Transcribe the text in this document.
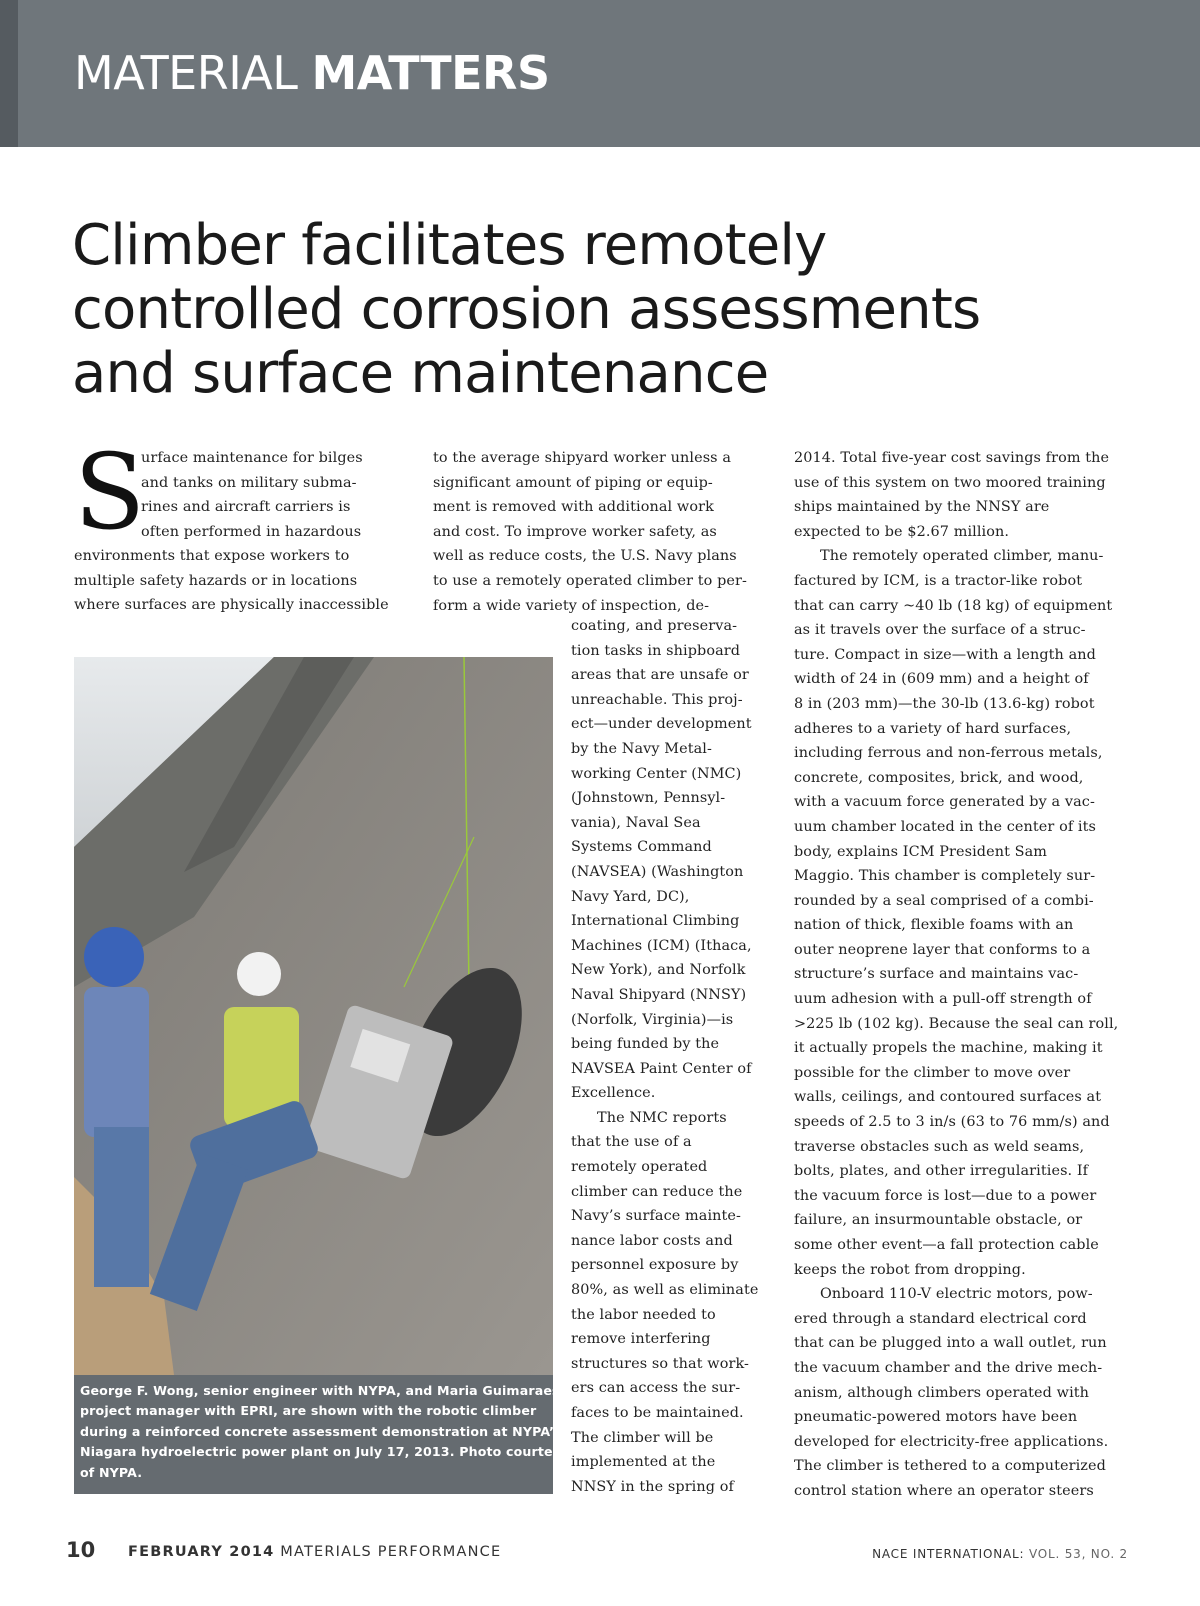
MATERIAL MATTERS
Climber facilitates remotely
controlled corrosion assessments
and surface maintenance
S
urface maintenance for bilges
and tanks on military subma-
rines and aircraft carriers is
often performed in hazardous
environments that expose workers to
multiple safety hazards or in locations
where surfaces are physically inaccessible
to the average shipyard worker unless a
significant amount of piping or equip-
ment is removed with additional work
and cost. To improve worker safety, as
well as reduce costs, the U.S. Navy plans
to use a remotely operated climber to per-
form a wide variety of inspection, de-
coating, and preserva-
tion tasks in shipboard
areas that are unsafe or
unreachable. This proj-
ect—under development
by the Navy Metal-
working Center (NMC)
(Johnstown, Pennsyl-
vania), Naval Sea
Systems Command
(NAVSEA) (Washington
Navy Yard, DC),
International Climbing
Machines (ICM) (Ithaca,
New York), and Norfolk
Naval Shipyard (NNSY)
(Norfolk, Virginia)—is
being funded by the
NAVSEA Paint Center of
Excellence.
The NMC reports
that the use of a
remotely operated
climber can reduce the
Navy’s surface mainte-
nance labor costs and
personnel exposure by
80%, as well as eliminate
the labor needed to
remove interfering
structures so that work-
ers can access the sur-
faces to be maintained.
The climber will be
implemented at the
NNSY in the spring of
2014. Total five-year cost savings from the
use of this system on two moored training
ships maintained by the NNSY are
expected to be $2.67 million.
The remotely operated climber, manu-
factured by ICM, is a tractor-like robot
that can carry ~40 lb (18 kg) of equipment
as it travels over the surface of a struc-
ture. Compact in size—with a length and
width of 24 in (609 mm) and a height of
8 in (203 mm)—the 30-lb (13.6-kg) robot
adheres to a variety of hard surfaces,
including ferrous and non-ferrous metals,
concrete, composites, brick, and wood,
with a vacuum force generated by a vac-
uum chamber located in the center of its
body, explains ICM President Sam
Maggio. This chamber is completely sur-
rounded by a seal comprised of a combi-
nation of thick, flexible foams with an
outer neoprene layer that conforms to a
structure’s surface and maintains vac-
uum adhesion with a pull-off strength of
>225 lb (102 kg). Because the seal can roll,
it actually propels the machine, making it
possible for the climber to move over
walls, ceilings, and contoured surfaces at
speeds of 2.5 to 3 in/s (63 to 76 mm/s) and
traverse obstacles such as weld seams,
bolts, plates, and other irregularities. If
the vacuum force is lost—due to a power
failure, an insurmountable obstacle, or
some other event—a fall protection cable
keeps the robot from dropping.
Onboard 110-V electric motors, pow-
ered through a standard electrical cord
that can be plugged into a wall outlet, run
the vacuum chamber and the drive mech-
anism, although climbers operated with
pneumatic-powered motors have been
developed for electricity-free applications.
The climber is tethered to a computerized
control station where an operator steers
George F. Wong, senior engineer with NYPA, and Maria Guimaraes,
project manager with EPRI, are shown with the robotic climber
during a reinforced concrete assessment demonstration at NYPA’s
Niagara hydroelectric power plant on July 17, 2013. Photo courtesy
of NYPA.
10 FEBRUARY 2014 MATERIALS PERFORMANCE	NACE INTERNATIONAL: VOL. 53, NO. 2
